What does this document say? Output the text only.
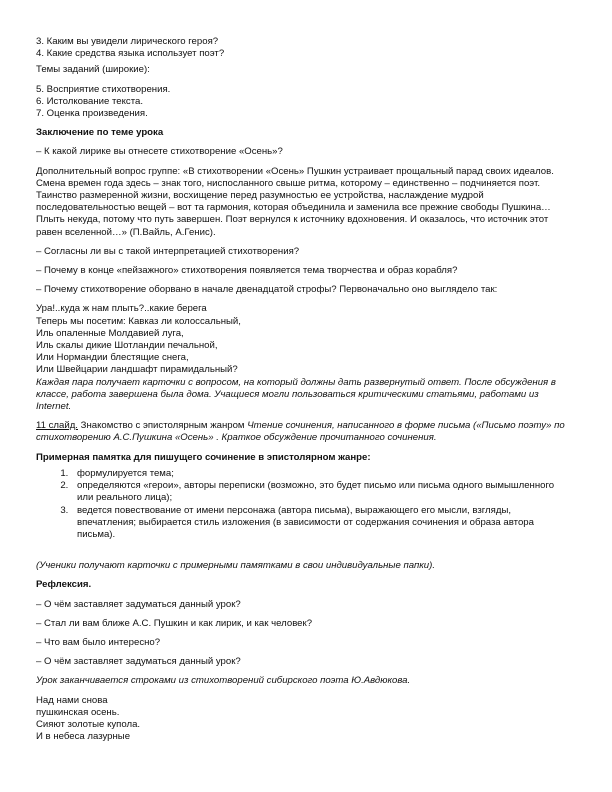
3. Каким вы увидели лирического героя?

4. Какие средства языка использует поэт?

Темы заданий (широкие):

5. Восприятие стихотворения.

6. Истолкование текста.

7. Оценка произведения.

Заключение по теме урока

– К какой лирике вы отнесете стихотворение «Осень»?

Дополнительный вопрос группе: «В стихотворении «Осень» Пушкин устраивает прощальный парад своих идеалов. Смена времен года здесь – знак того, ниспосланного свыше ритма, которому – единственно – подчиняется поэт. Таинство размеренной жизни, восхищение перед разумностью ее устройства, наслаждение мудрой последовательностью вещей – вот та гармония, которая объединила и заменила все прежние свободы Пушкина…

Плыть некуда, потому что путь завершен. Поэт вернулся к источнику вдохновения. И оказалось, что источник этот равен вселенной…» (П.Вайль, А.Генис).

– Согласны ли вы с такой интерпретацией стихотворения?

– Почему в конце «пейзажного» стихотворения появляется тема творчества и образ корабля?

– Почему стихотворение оборвано в начале двенадцатой строфы? Первоначально оно выглядело так:

Ура!..куда ж нам плыть?..какие берега

Теперь мы посетим: Кавказ ли колоссальный,

Иль опаленные Молдавией луга,

Иль скалы дикие Шотландии печальной,

Или Нормандии блестящие снега,

Или Швейцарии ландшафт пирамидальный?

Каждая пара получает карточки с вопросом, на который должны дать развернутый ответ. После обсуждения в классе, работа завершена была дома. Учащиеся могли пользоваться критическими статьями, работами из Internet.

11 слайд. Знакомство с эпистолярным жанром Чтение сочинения, написанного в форме письма («Письмо поэту» по стихотворению А.С.Пушкина «Осень» . Краткое обсуждение прочитанного сочинения.

Примерная памятка для пишущего сочинение в эпистолярном жанре:

1. формулируется тема;
2. определяются «герои», авторы переписки (возможно, это будет письмо или письма одного вымышленного или реального лица);
3. ведется повествование от имени персонажа (автора письма), выражающего его мысли, взгляды, впечатления; выбирается стиль изложения (в зависимости от содержания сочинения и образа автора письма).

(Ученики получают карточки с примерными памятками в свои индивидуальные папки).

Рефлексия.

– О чём заставляет задуматься данный урок?

– Стал ли вам ближе А.С. Пушкин и как лирик, и как человек?

– Что вам было интересно?

– О чём заставляет задуматься данный урок?

Урок заканчивается строками из стихотворений сибирского поэта Ю.Авдюкова.

Над нами снова

пушкинская осень.

Сияют золотые купола.

И в небеса лазурные
